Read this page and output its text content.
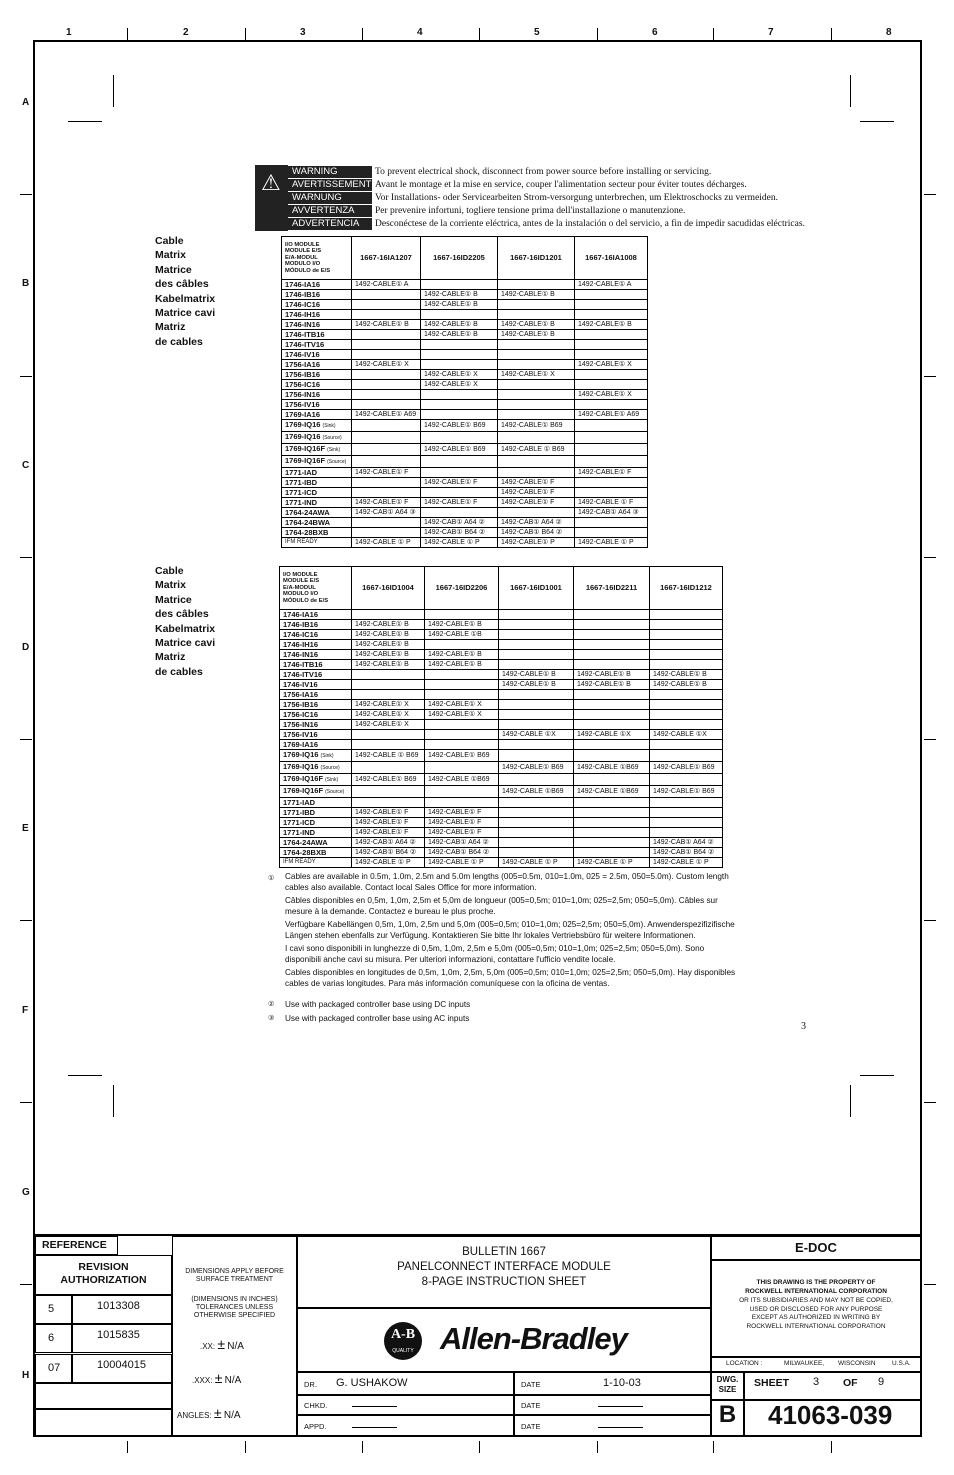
⚠	WARNING	To prevent electrical shock, disconnect from power source before installing or servicing.
AVERTISSEMENT Avant le montage et la mise en service, couper l'alimentation secteur pour éviter toutes décharges.
WARNUNG	Vor Installations- oder Servicearbeiten Strom-versorgung unterbrechen, um Elektroschocks zu vermeiden.
AVVERTENZA	Per prevenire infortuni, togliere tensione prima dell'installazione o manutenzione.
ADVERTENCIA	Desconéctese de la corriente eléctrica, antes de la instalación o del servicio, a fin de impedir sacudidas eléctricas.
Cable
Matrix
Matrice
des câbles
Kabelmatrix
Matrice cavi
Matriz
de cables
I/O MODULE
MODULE E/S
E/A-MODUL
MODULO I/O
MÓDULO de E/S	1667-16IA1207	1667-16ID2205	1667-16ID1201	1667-16IA1008
1746-IA16	1492-CABLE① A			1492-CABLE① A
1746-IB16		1492-CABLE① B	1492-CABLE① B	
1746-IC16		1492-CABLE① B		
1746-IH16				
1746-IN16	1492-CABLE① B	1492-CABLE① B	1492-CABLE① B	1492-CABLE① B
1746-ITB16		1492-CABLE① B	1492-CABLE① B	
1746-ITV16				
1746-IV16				
1756-IA16	1492-CABLE① X			1492-CABLE① X
1756-IB16		1492-CABLE① X	1492-CABLE① X	
1756-IC16		1492-CABLE① X		
1756-IN16				1492-CABLE① X
1756-IV16				
1769-IA16	1492-CABLE① A69			1492-CABLE① A69
1769-IQ16 (Sink)		1492-CABLE① B69	1492-CABLE① B69	
1769-IQ16 (Source)				
1769-IQ16F (Sink)		1492-CABLE① B69	1492-CABLE ① B69	
1769-IQ16F (Source)				
1771-IAD	1492-CABLE① F			1492-CABLE① F
1771-IBD		1492-CABLE① F	1492-CABLE① F	
1771-ICD			1492-CABLE① F	
1771-IND	1492-CABLE① F	1492-CABLE① F	1492-CABLE① F	1492-CABLE ① F
1764-24AWA	1492-CAB① A64 ③			1492-CAB① A64 ③
1764-24BWA		1492-CAB① A64 ②	1492-CAB① A64 ②	
1764-28BXB		1492-CAB① B64 ②	1492-CAB① B64 ②	
IFM READY	1492-CABLE ① P	1492-CABLE ① P	1492-CABLE① P	1492-CABLE ① P
Cable
Matrix
Matrice
des câbles
Kabelmatrix
Matrice cavi
Matriz
de cables
I/O MODULE
MODULE E/S
E/A-MODUL
MODULO I/O
MÓDULO de E/S	1667-16ID1004	1667-16ID2206	1667-16ID1001	1667-16ID2211	1667-16ID1212
1746-IA16					
1746-IB16	1492-CABLE① B	1492-CABLE① B			
1746-IC16	1492-CABLE① B	1492-CABLE ①B			
1746-IH16	1492-CABLE① B				
1746-IN16	1492-CABLE① B	1492-CABLE① B			
1746-ITB16	1492-CABLE① B	1492-CABLE① B			
1746-ITV16			1492-CABLE① B	1492-CABLE① B	1492-CABLE① B
1746-IV16			1492-CABLE① B	1492-CABLE① B	1492-CABLE① B
1756-IA16					
1756-IB16	1492-CABLE① X	1492-CABLE① X			
1756-IC16	1492-CABLE① X	1492-CABLE① X			
1756-IN16	1492-CABLE① X				
1756-IV16			1492-CABLE ①X	1492-CABLE ①X	1492-CABLE ①X
1769-IA16					
1769-IQ16 (Sink)	1492-CABLE ① B69	1492-CABLE① B69			
1769-IQ16 (Source)			1492-CABLE① B69	1492-CABLE ①B69	1492-CABLE① B69
1769-IQ16F (Sink)	1492-CABLE① B69	1492-CABLE ①B69			
1769-IQ16F (Source)			1492-CABLE ①B69	1492-CABLE ①B69	1492-CABLE① B69
1771-IAD					
1771-IBD	1492-CABLE① F	1492-CABLE① F			
1771-ICD	1492-CABLE① F	1492-CABLE① F			
1771-IND	1492-CABLE① F	1492-CABLE① F			
1764-24AWA	1492-CAB① A64 ②	1492-CAB① A64 ②			1492-CAB① A64 ②
1764-28BXB	1492-CAB① B64 ②	1492-CAB① B64 ②			1492-CAB① B64 ②
IFM READY	1492-CABLE ① P	1492-CABLE ① P	1492-CABLE ① P	1492-CABLE ① P	1492-CABLE ① P
① Cables are available in 0.5m, 1.0m, 2.5m and 5.0m lengths (005=0.5m, 010=1.0m, 025 = 2.5m, 050=5.0m). Custom length cables also available. Contact local Sales Office for more information.

Câbles disponibles en 0,5m, 1,0m, 2,5m et 5,0m de longueur (005=0,5m; 010=1,0m; 025=2,5m; 050=5,0m). Câbles sur mesure à la demande. Contactez e bureau le plus proche.

Verfügbare Kabellängen 0,5m, 1,0m, 2,5m und 5,0m (005=0,5m; 010=1,0m; 025=2,5m; 050=5,0m). Anwenderspezifizifische Längen stehen ebenfalls zur Verfügung. Kontaktieren Sie bitte Ihr lokales Vertriebsbüro für weitere Informationen.

I cavi sono disponibili in lunghezze di 0,5m, 1,0m, 2,5m e 5,0m (005=0,5m; 010=1,0m; 025=2,5m; 050=5,0m). Sono disponibili anche cavi su misura. Per ulteriori informazioni, contattare l'ufficio vendite locale.

Cables disponibles en longitudes de 0,5m, 1,0m, 2,5m, 5,0m (005=0,5m; 010=1,0m; 025=2,5m; 050=5,0m). Hay disponibles cables de varias longitudes. Para más información comuníquese con la oficina de ventas.

② Use with packaged controller base using DC inputs

③ Use with packaged controller base using AC inputs

3
REFERENCE
REVISION
AUTHORIZATION
5	1013308
6	1015835
07	10004015
DIMENSIONS APPLY BEFORE
SURFACE TREATMENT
(DIMENSIONS IN INCHES)
TOLERANCES UNLESS
OTHERWISE SPECIFIED
.XX: ± N/A
.XXX: ± N/A
ANGLES: ± N/A
BULLETIN 1667
PANELCONNECT INTERFACE MODULE
8-PAGE INSTRUCTION SHEET
A-B
QUALITY Allen-Bradley
DR. G. USHAKOW
CHKD.
APPD.
DATE	1-10-03
DATE
DATE
E-DOC
THIS DRAWING IS THE PROPERTY OF
ROCKWELL INTERNATIONAL CORPORATION
OR ITS SUBSIDIARIES AND MAY NOT BE COPIED,
USED OR DISCLOSED FOR ANY PURPOSE
EXCEPT AS AUTHORIZED IN WRITING BY
ROCKWELL INTERNATIONAL CORPORATION
LOCATION :	MILWAUKEE, WISCONSIN	U.S.A.
DWG.
SIZE
SHEET 3 OF 9
B	41063-039
1	2	3	4	5	6	7	8
A
B
C
D
E
F
G
H
